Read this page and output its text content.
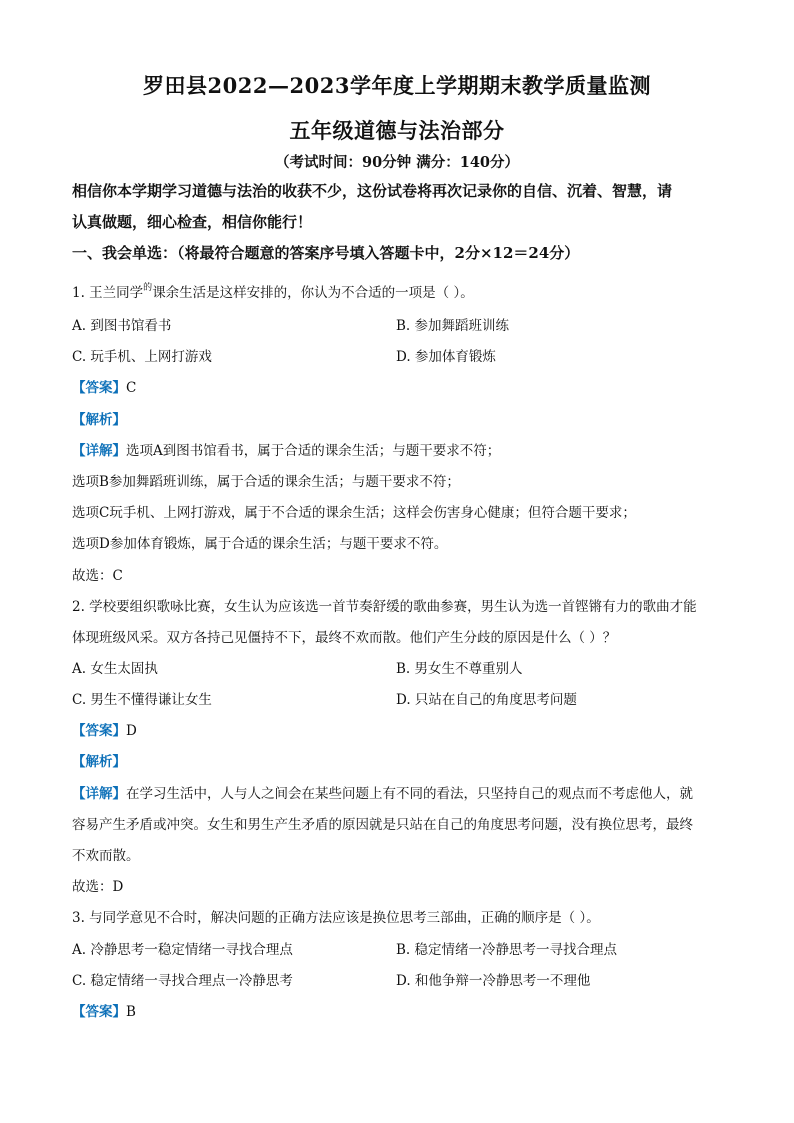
罗田县2022—2023学年度上学期期末教学质量监测
五年级道德与法治部分
（考试时间：90分钟 满分：140分）
相信你本学期学习道德与法治的收获不少，这份试卷将再次记录你的自信、沉着、智慧，请
认真做题，细心检查，相信你能行！
一、我会单选：（将最符合题意的答案序号填入答题卡中，2分×12＝24分）
1. 王兰同学$^的$课余生活是这样安排的，你认为不合适的一项是（ ）。
A. 到图书馆看书	B. 参加舞蹈班训练
C. 玩手机、上网打游戏	D. 参加体育锻炼
【答案】C
【解析】
【详解】选项A到图书馆看书，属于合适的课余生活；与题干要求不符；
选项B参加舞蹈班训练，属于合适的课余生活；与题干要求不符；
选项C玩手机、上网打游戏，属于不合适的课余生活；这样会伤害身心健康；但符合题干要求；
选项D参加体育锻炼，属于合适的课余生活；与题干要求不符。
故选：C
2. 学校要组织歌咏比赛，女生认为应该选一首节奏舒缓的歌曲参赛，男生认为选一首铿锵有力的歌曲才能
体现班级风采。双方各持己见僵持不下，最终不欢而散。他们产生分歧的原因是什么（ ）？
A. 女生太固执	B. 男女生不尊重别人
C. 男生不懂得谦让女生	D. 只站在自己的角度思考问题
【答案】D
【解析】
【详解】在学习生活中，人与人之间会在某些问题上有不同的看法，只坚持自己的观点而不考虑他人，就
容易产生矛盾或冲突。女生和男生产生矛盾的原因就是只站在自己的角度思考问题，没有换位思考，最终
不欢而散。
故选：D
3. 与同学意见不合时，解决问题的正确方法应该是换位思考三部曲，正确的顺序是（ ）。
A. 冷静思考一稳定情绪一寻找合理点	B. 稳定情绪一冷静思考一寻找合理点
C. 稳定情绪一寻找合理点一冷静思考	D. 和他争辩一冷静思考一不理他
【答案】B
